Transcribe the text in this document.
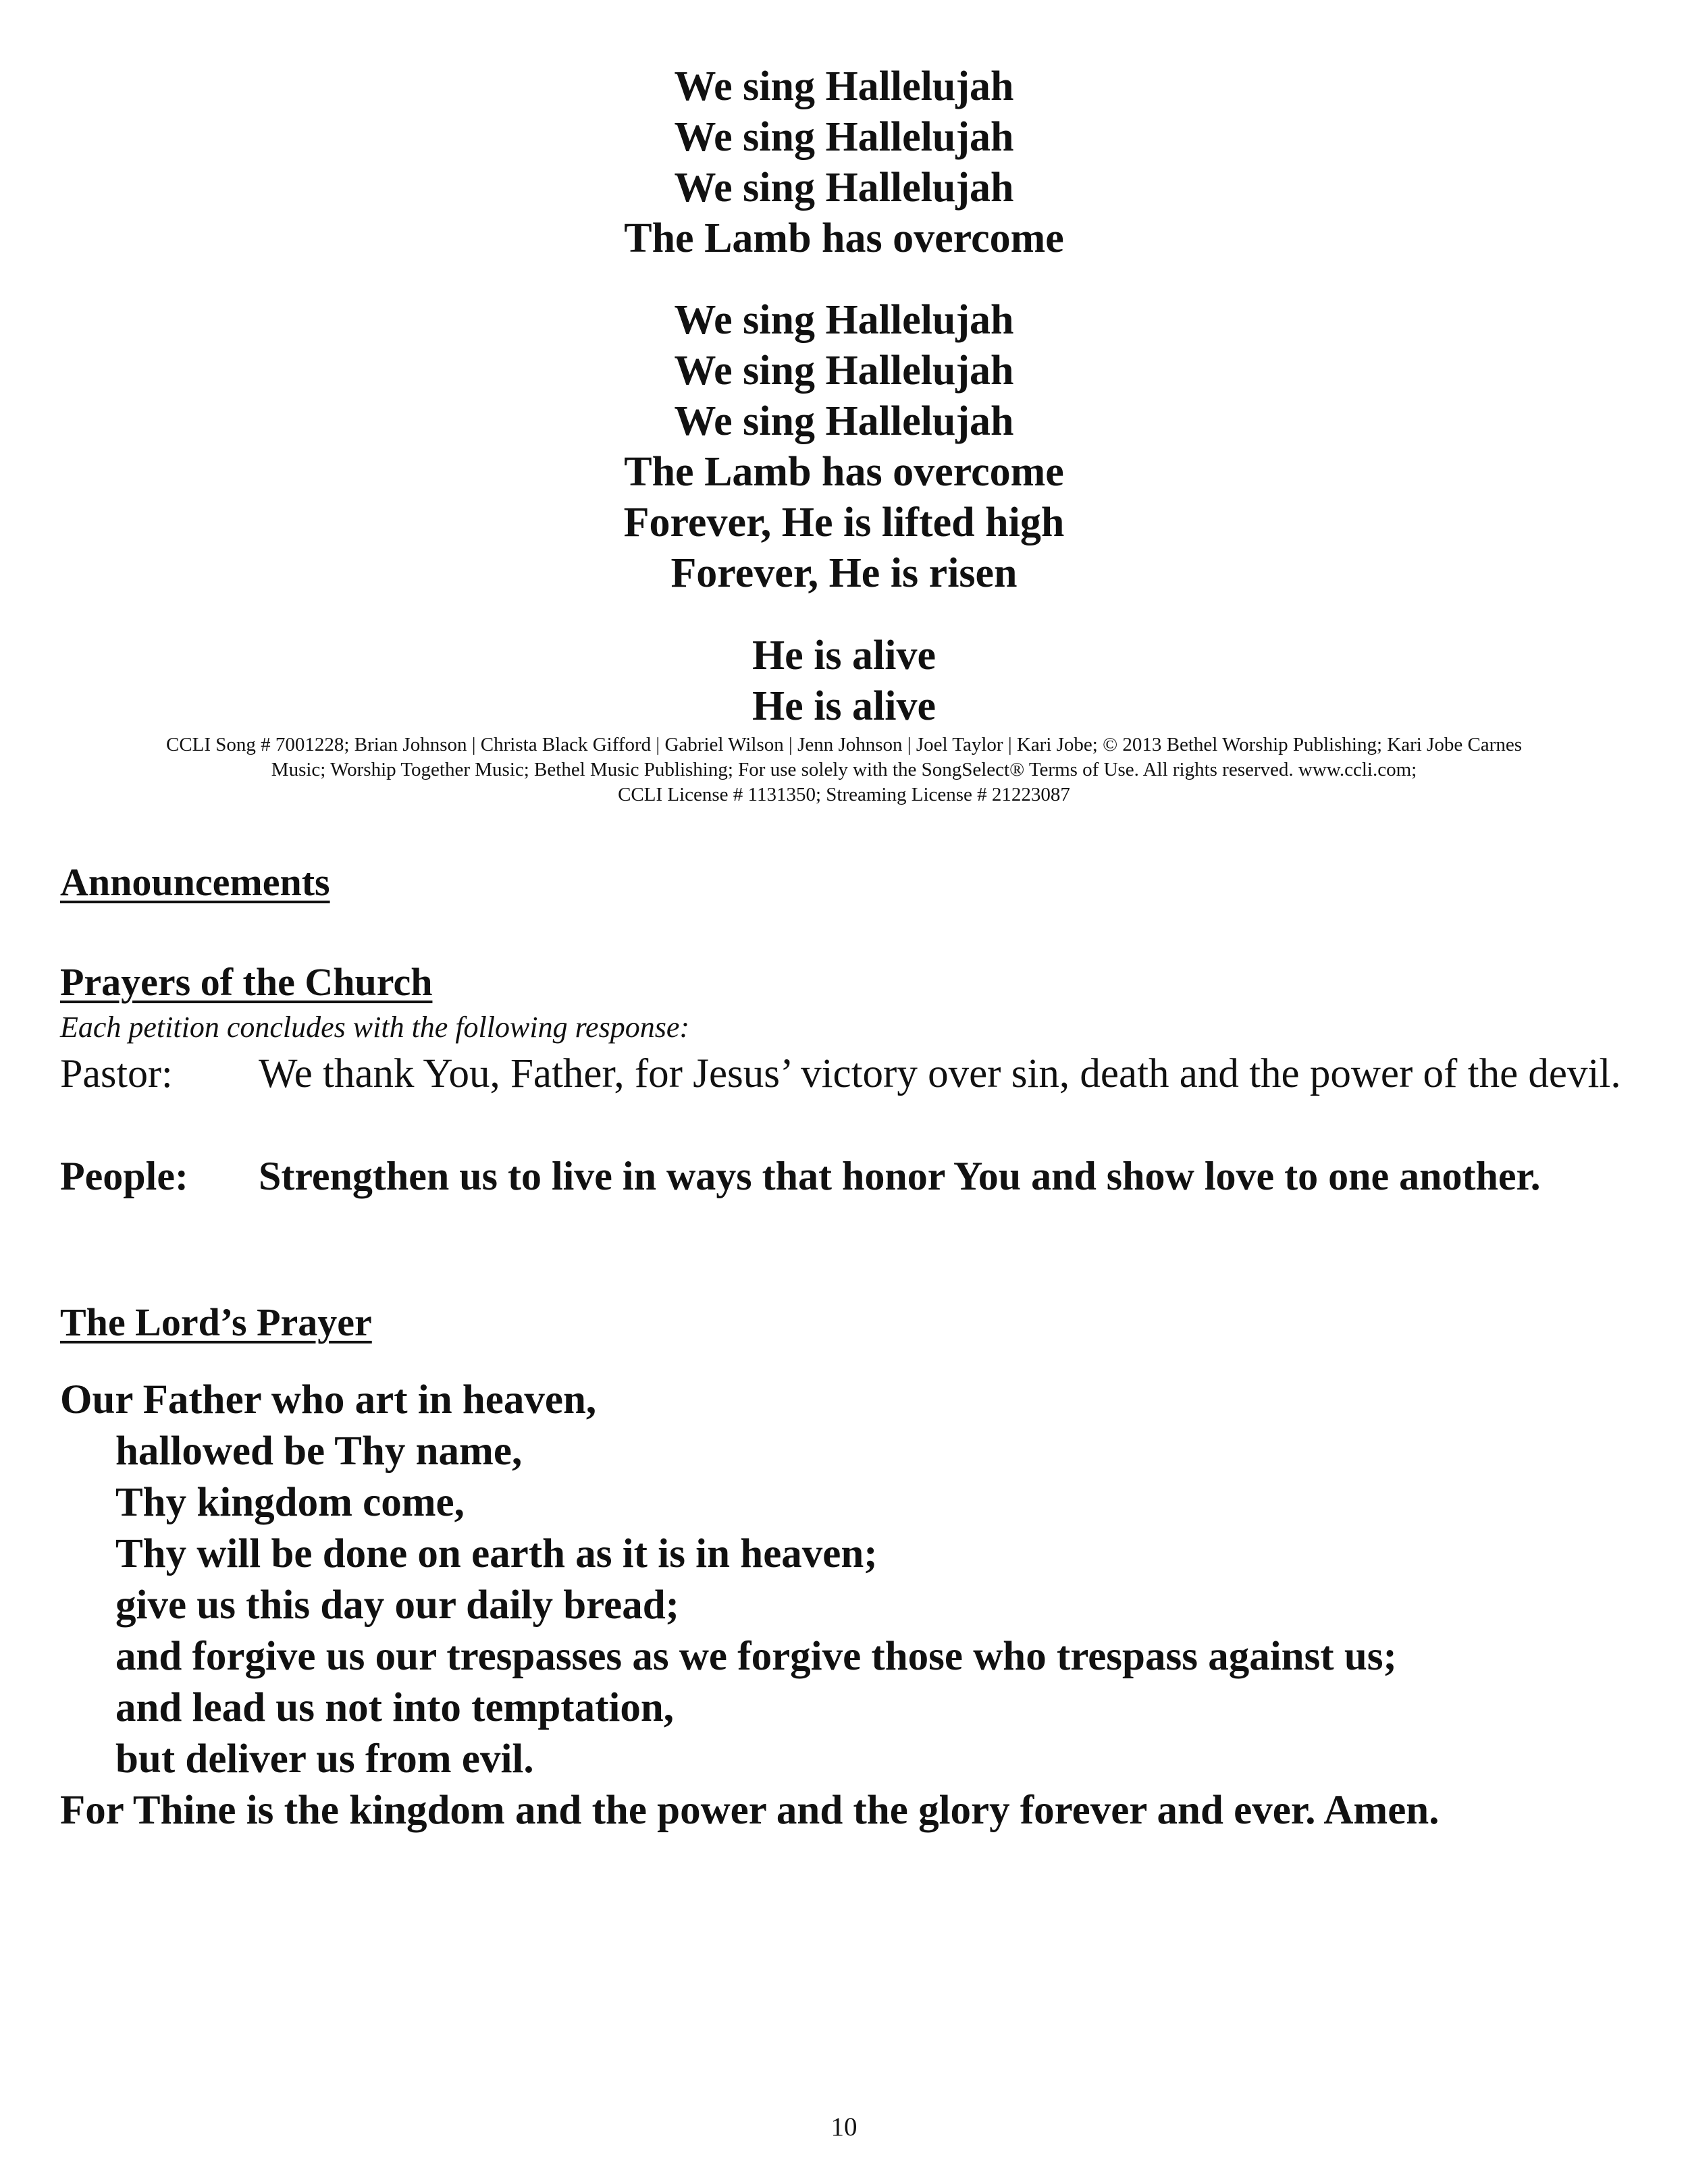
We sing Hallelujah
We sing Hallelujah
We sing Hallelujah
The Lamb has overcome
We sing Hallelujah
We sing Hallelujah
We sing Hallelujah
The Lamb has overcome
Forever, He is lifted high
Forever, He is risen
He is alive
He is alive
CCLI Song # 7001228; Brian Johnson | Christa Black Gifford | Gabriel Wilson | Jenn Johnson | Joel Taylor | Kari Jobe; © 2013 Bethel Worship Publishing; Kari Jobe Carnes
Music; Worship Together Music; Bethel Music Publishing; For use solely with the SongSelect® Terms of Use. All rights reserved. www.ccli.com;
CCLI License # 1131350; Streaming License # 21223087
Announcements
Prayers of the Church
Each petition concludes with the following response:
Pastor: We thank You, Father, for Jesus’ victory over sin, death and the power of the devil.
People: Strengthen us to live in ways that honor You and show love to one another.
The Lord’s Prayer
Our Father who art in heaven,
hallowed be Thy name,
Thy kingdom come,
Thy will be done on earth as it is in heaven;
give us this day our daily bread;
and forgive us our trespasses as we forgive those who trespass against us;
and lead us not into temptation,
but deliver us from evil.
For Thine is the kingdom and the power and the glory forever and ever. Amen.
10
